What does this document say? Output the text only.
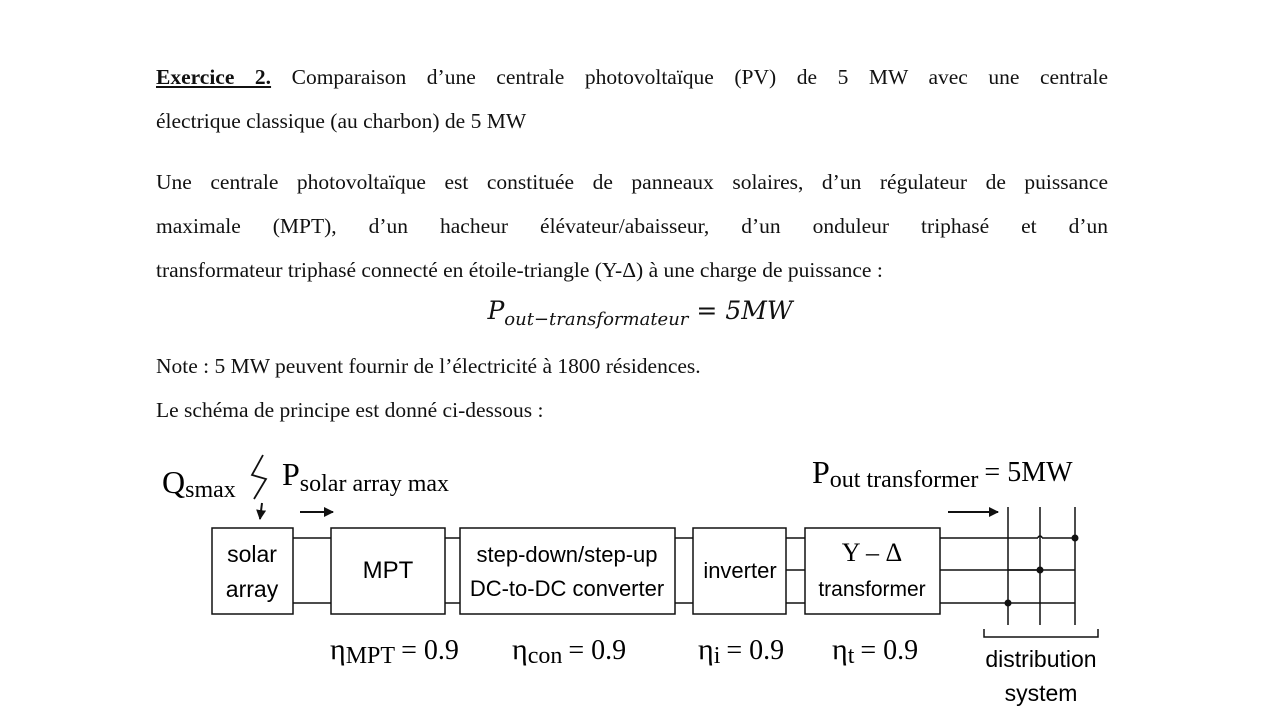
Exercice 2. Comparaison d’une centrale photovoltaïque (PV) de 5 MW avec une centrale
électrique classique (au charbon) de 5 MW
Une centrale photovoltaïque est constituée de panneaux solaires, d’un régulateur de puissance
maximale (MPT), d’un hacheur élévateur/abaisseur, d’un onduleur triphasé et d’un
transformateur triphasé connecté en étoile-triangle (Y-Δ) à une charge de puissance :
$P_{out-transformateur} = 5MW$
Note : 5 MW peuvent fournir de l’électricité à 1800 résidences.
Le schéma de principe est donné ci-dessous :
Qsmax Psolar array max	Pout transformer = 5MW
solar
array
MPT
step-down/step-up
DC-to-DC converter
inverter
Y – Δ
transformer
ηMPT = 0.9 ηcon = 0.9 ηi = 0.9 ηt = 0.9	distribution
system
